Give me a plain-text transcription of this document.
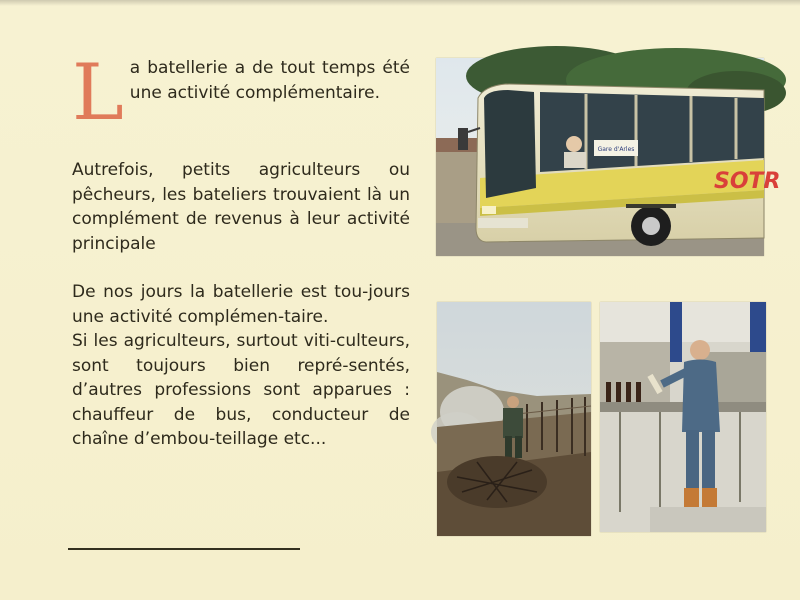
La batellerie a de tout temps été une activité complémentaire.

Autrefois, petits agriculteurs ou pêcheurs, les bateliers trouvaient là un complément de revenus à leur activité principale

De nos jours la batellerie est tou-jours une activité complémen-taire.

Si les agriculteurs, surtout viti-culteurs, sont toujours bien repré-sentés, d’autres professions sont apparues : chauffeur de bus, conducteur de chaîne d’embou-teillage etc...

Gare d'Arles
SOTR
